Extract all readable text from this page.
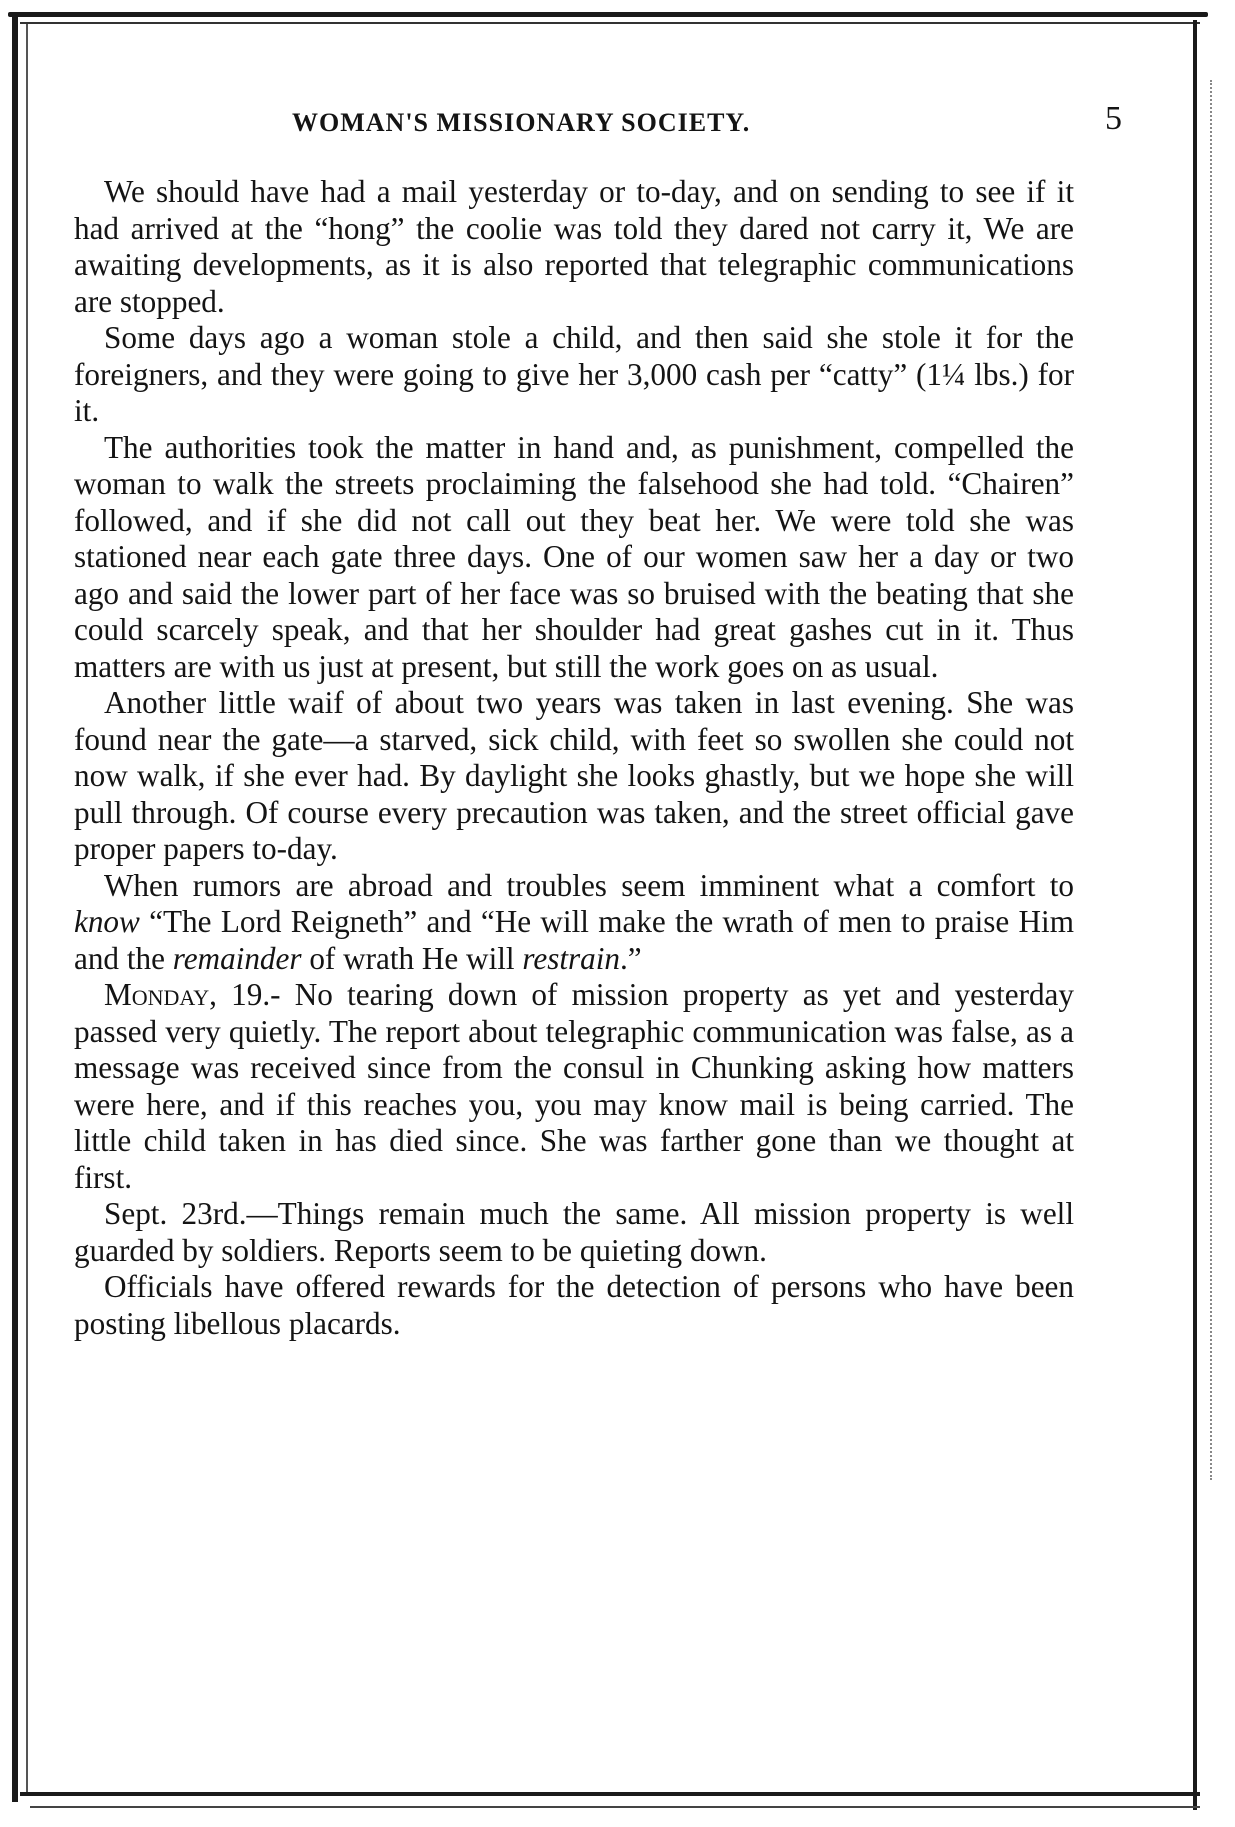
WOMAN'S MISSIONARY SOCIETY.	5

We should have had a mail yesterday or to-day, and on sending to see if it had arrived at the “hong” the coolie was told they dared not carry it, We are awaiting developments, as it is also reported that telegraphic communications are stopped.

Some days ago a woman stole a child, and then said she stole it for the foreigners, and they were going to give her 3,000 cash per “catty” (1¼ lbs.) for it.

The authorities took the matter in hand and, as punishment, compelled the woman to walk the streets proclaiming the falsehood she had told. “Chairen” followed, and if she did not call out they beat her. We were told she was stationed near each gate three days. One of our women saw her a day or two ago and said the lower part of her face was so bruised with the beating that she could scarcely speak, and that her shoulder had great gashes cut in it. Thus matters are with us just at present, but still the work goes on as usual.

Another little waif of about two years was taken in last evening. She was found near the gate—a starved, sick child, with feet so swollen she could not now walk, if she ever had. By daylight she looks ghastly, but we hope she will pull through. Of course every precaution was taken, and the street official gave proper papers to-day.

When rumors are abroad and troubles seem imminent what a comfort to know “The Lord Reigneth” and “He will make the wrath of men to praise Him and the remainder of wrath He will restrain.”

Monday, 19.- No tearing down of mission property as yet and yesterday passed very quietly. The report about telegraphic communication was false, as a message was received since from the consul in Chunking asking how matters were here, and if this reaches you, you may know mail is being carried. The little child taken in has died since. She was farther gone than we thought at first.

Sept. 23rd.—Things remain much the same. All mission property is well guarded by soldiers. Reports seem to be quieting down.

Officials have offered rewards for the detection of persons who have been posting libellous placards.
